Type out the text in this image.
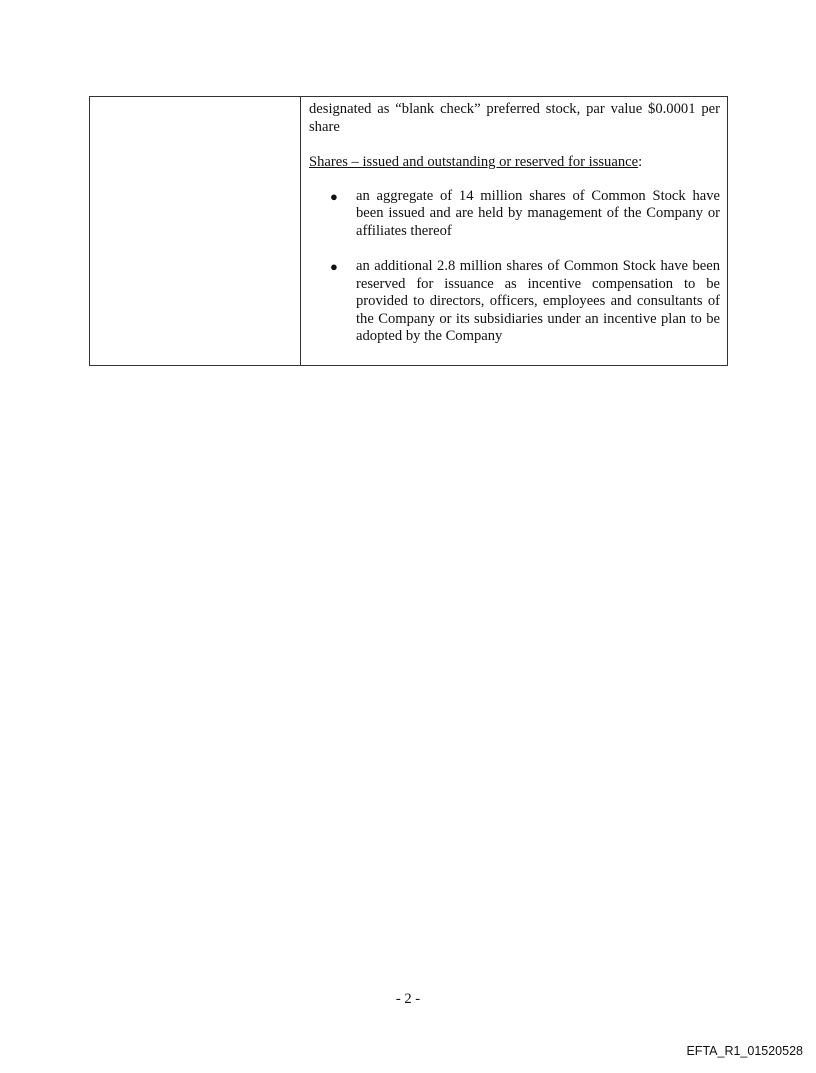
designated as “blank check” preferred stock, par value $0.0001 per share

Shares – issued and outstanding or reserved for issuance:

●	an aggregate of 14 million shares of Common Stock have been issued and are held by management of the Company or affiliates thereof
●	an additional 2.8 million shares of Common Stock have been reserved for issuance as incentive compensation to be provided to directors, officers, employees and consultants of the Company or its subsidiaries under an incentive plan to be adopted by the Company
- 2 -
EFTA_R1_01520528
